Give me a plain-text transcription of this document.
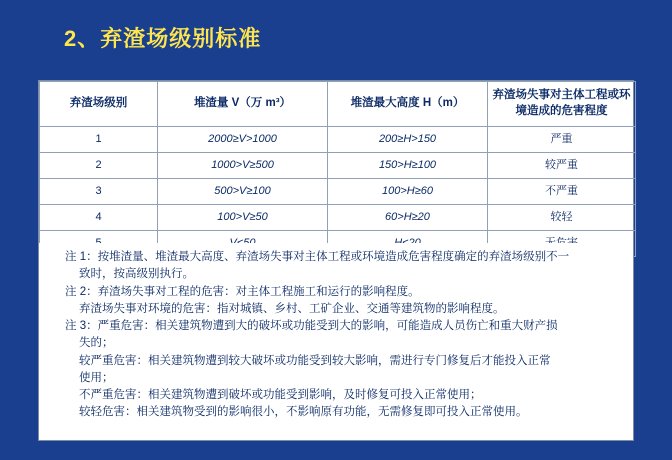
2、弃渣场级别标准
弃渣场级别	堆渣量 V（万 m³）	堆渣最大高度 H（m）	弃渣场失事对主体工程或环境造成的危害程度
1	2000≥V>1000	200≥H>150	严重
2	1000>V≥500	150>H≥100	较严重
3	500>V≥100	100>H≥60	不严重
4	100>V≥50	60>H≥20	较轻

注 1：按堆渣量、堆渣最大高度、弃渣场失事对主体工程或环境造成危害程度确定的弃渣场级别不一
致时，按高级别执行。
注 2：弃渣场失事对工程的危害：对主体工程施工和运行的影响程度。
弃渣场失事对环境的危害：指对城镇、乡村、工矿企业、交通等建筑物的影响程度。
注 3：严重危害：相关建筑物遭到大的破坏或功能受到大的影响，可能造成人员伤亡和重大财产损
失的；
较严重危害：相关建筑物遭到较大破坏或功能受到较大影响，需进行专门修复后才能投入正常
使用；
不严重危害：相关建筑物遭到破坏或功能受到影响，及时修复可投入正常使用；
较轻危害：相关建筑物受到的影响很小，不影响原有功能，无需修复即可投入正常使用。
